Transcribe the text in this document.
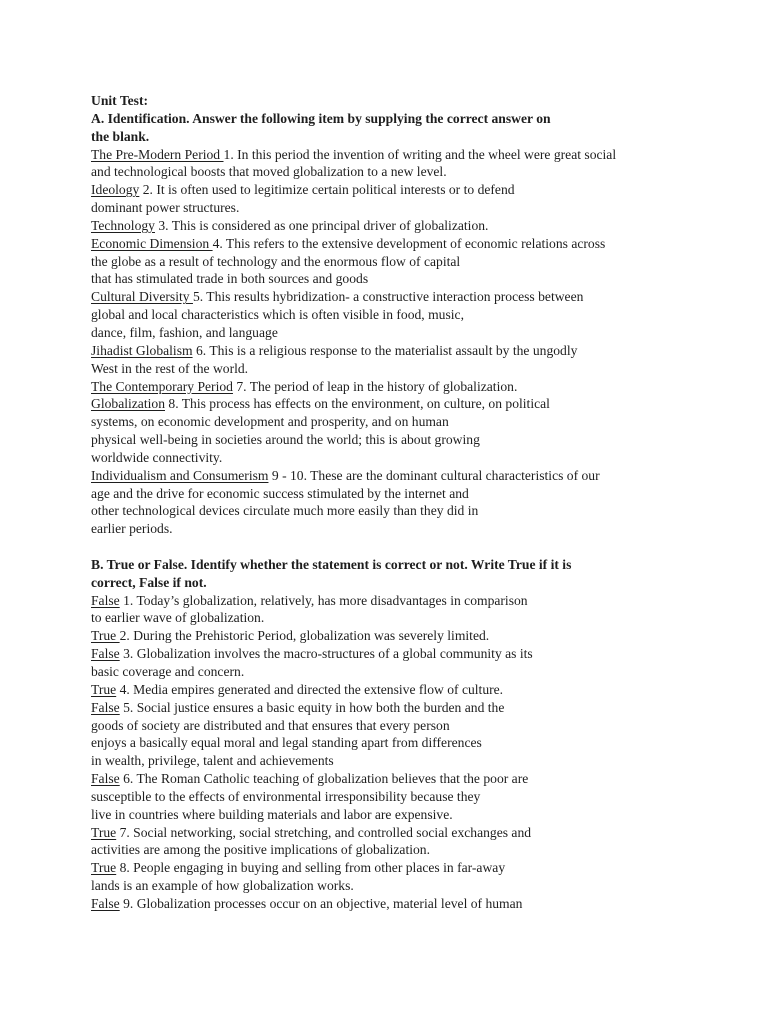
Unit Test:
A. Identification. Answer the following item by supplying the correct answer on
the blank.
The Pre-Modern Period 1. In this period the invention of writing and the wheel were great social
and technological boosts that moved globalization to a new level.
Ideology 2. It is often used to legitimize certain political interests or to defend
dominant power structures.
Technology 3. This is considered as one principal driver of globalization.
Economic Dimension 4. This refers to the extensive development of economic relations across
the globe as a result of technology and the enormous flow of capital
that has stimulated trade in both sources and goods
Cultural Diversity 5. This results hybridization- a constructive interaction process between
global and local characteristics which is often visible in food, music,
dance, film, fashion, and language
Jihadist Globalism 6. This is a religious response to the materialist assault by the ungodly
West in the rest of the world.
The Contemporary Period 7. The period of leap in the history of globalization.
Globalization 8. This process has effects on the environment, on culture, on political
systems, on economic development and prosperity, and on human
physical well-being in societies around the world; this is about growing
worldwide connectivity.
Individualism and Consumerism 9 - 10. These are the dominant cultural characteristics of our
age and the drive for economic success stimulated by the internet and
other technological devices circulate much more easily than they did in
earlier periods.
B. True or False. Identify whether the statement is correct or not. Write True if it is
correct, False if not.
False 1. Today’s globalization, relatively, has more disadvantages in comparison
to earlier wave of globalization.
True 2. During the Prehistoric Period, globalization was severely limited.
False 3. Globalization involves the macro-structures of a global community as its
basic coverage and concern.
True 4. Media empires generated and directed the extensive flow of culture.
False 5. Social justice ensures a basic equity in how both the burden and the
goods of society are distributed and that ensures that every person
enjoys a basically equal moral and legal standing apart from differences
in wealth, privilege, talent and achievements
False 6. The Roman Catholic teaching of globalization believes that the poor are
susceptible to the effects of environmental irresponsibility because they
live in countries where building materials and labor are expensive.
True 7. Social networking, social stretching, and controlled social exchanges and
activities are among the positive implications of globalization.
True 8. People engaging in buying and selling from other places in far-away
lands is an example of how globalization works.
False 9. Globalization processes occur on an objective, material level of human
